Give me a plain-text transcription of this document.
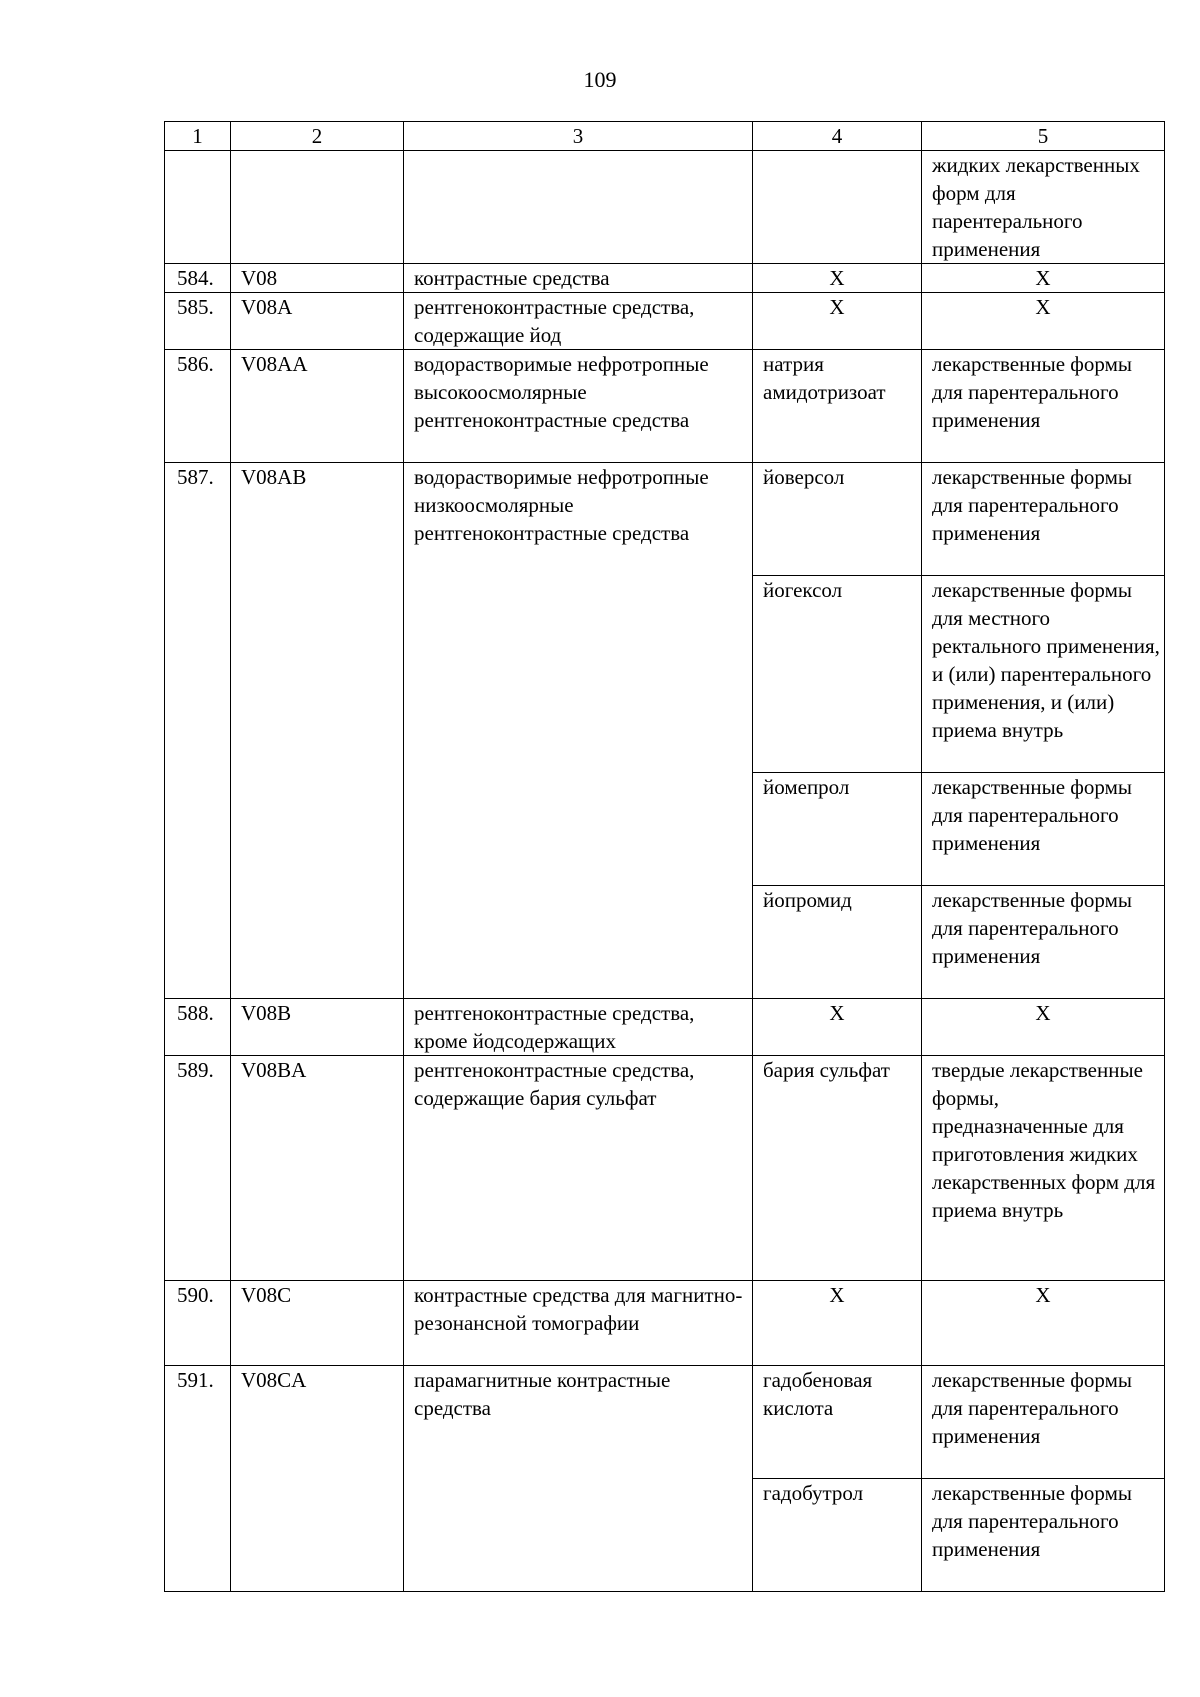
109
1	2	3	4	5
				жидких лекарственных форм для парентерального применения
584.	V08	контрастные средства	Х	Х
585.	V08A	рентгеноконтрастные средства, содержащие йод	Х	Х
586.	V08AA	водорастворимые нефротропные высокоосмолярные рентгеноконтрастные средства	натрия амидотризоат	лекарственные формы для парентерального применения
587.	V08AB	водорастворимые нефротропные низкоосмолярные рентгеноконтрастные средства	йоверсол	лекарственные формы для парентерального применения
			йогексол	лекарственные формы для местного ректального применения, и (или) парентерального применения, и (или) приема внутрь
			йомепрол	лекарственные формы для парентерального применения
			йопромид	лекарственные формы для парентерального применения
588.	V08B	рентгеноконтрастные средства, кроме йодсодержащих	Х	Х
589.	V08BA	рентгеноконтрастные средства, содержащие бария сульфат	бария сульфат	твердые лекарственные формы, предназначенные для приготовления жидких лекарственных форм для приема внутрь
590.	V08C	контрастные средства для магнитно-резонансной томографии	Х	Х
591.	V08CA	парамагнитные контрастные средства	гадобеновая кислота	лекарственные формы для парентерального применения
			гадобутрол	лекарственные формы для парентерального применения
